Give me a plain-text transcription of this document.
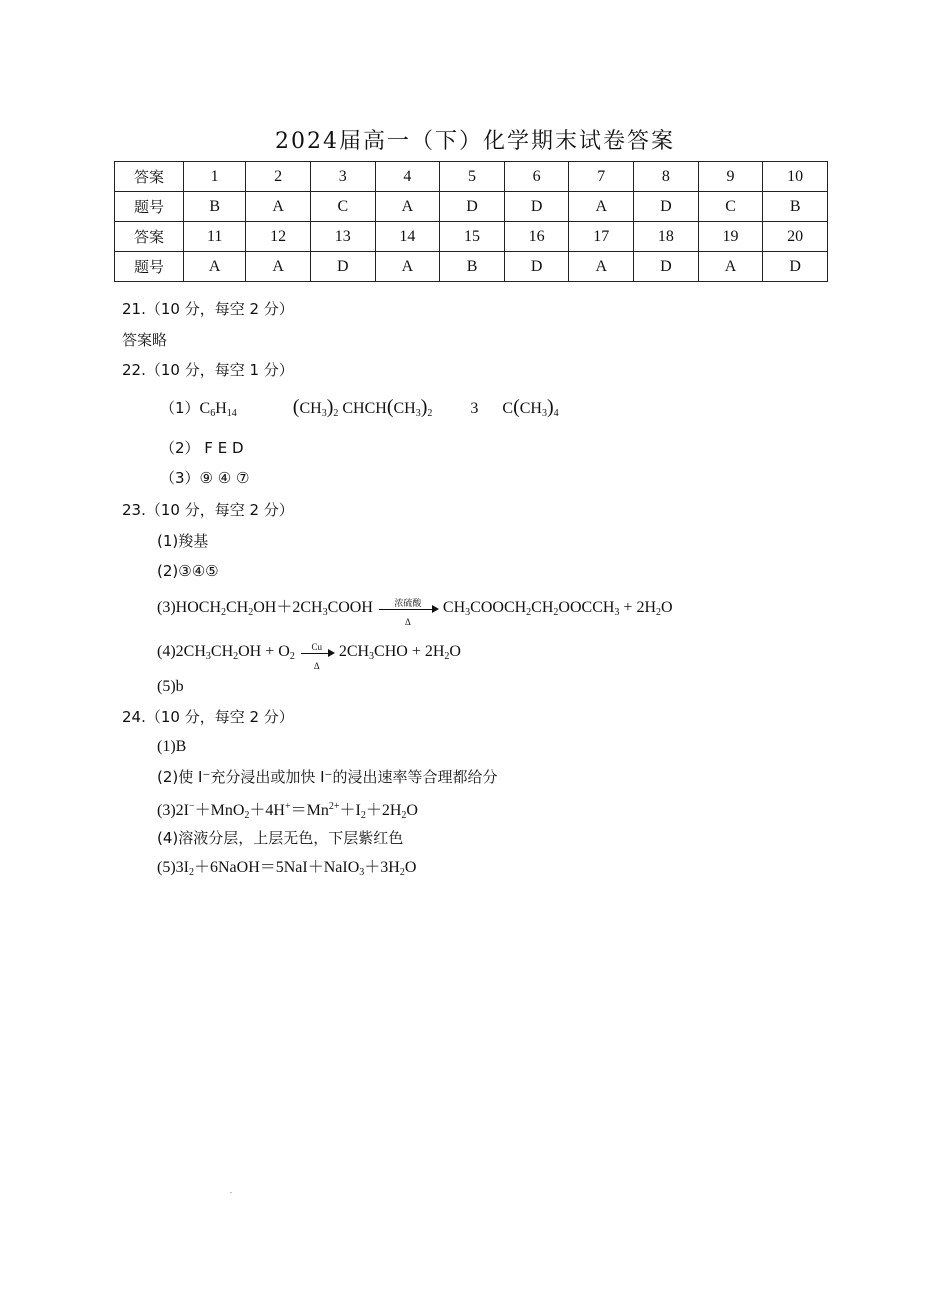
2024届高一（下）化学期末试卷答案
答案	1	2	3	4	5	6	7	8	9	10
题号	B	A	C	A	D	D	A	D	C	B
答案	11	12	13	14	15	16	17	18	19	20
题号	A	A	D	A	B	D	A	D	A	D
21.（10 分，每空 2 分）
答案略
22.（10 分，每空 1 分）
$(1)C_6H_{14}$	$(CH_3)_2$ $CHCH(CH_3)_2$ 3 $C(CH_3)_4$
（2） F E D
（3）⑨ ④ ⑦
23.（10 分，每空 2 分）
(1)羧基
(2)③④⑤
$(3)HOCH_2CH_2OH+2CH_3COOH$	浓硫酸
Δ
$CH_3COOCH_2CH_2OOCCH_3 + 2H_2O$
$(4)2CH_3CH_2OH + O_2 \frac{Cu}{\Delta} 2CH_3CHO + 2H_2O$
(5)b
24.（10 分，每空 2 分）
(1)B
(2)使 I⁻充分浸出或加快 I⁻的浸出速率等合理都给分
$(3)2I^-+MnO_2+4H^+=Mn^{2+}+I_2+2H_2O$
(4)溶液分层，上层无色，下层紫红色
$(5)3I_2+6NaOH=5NaI+NaIO_3+3H_2O$
.
